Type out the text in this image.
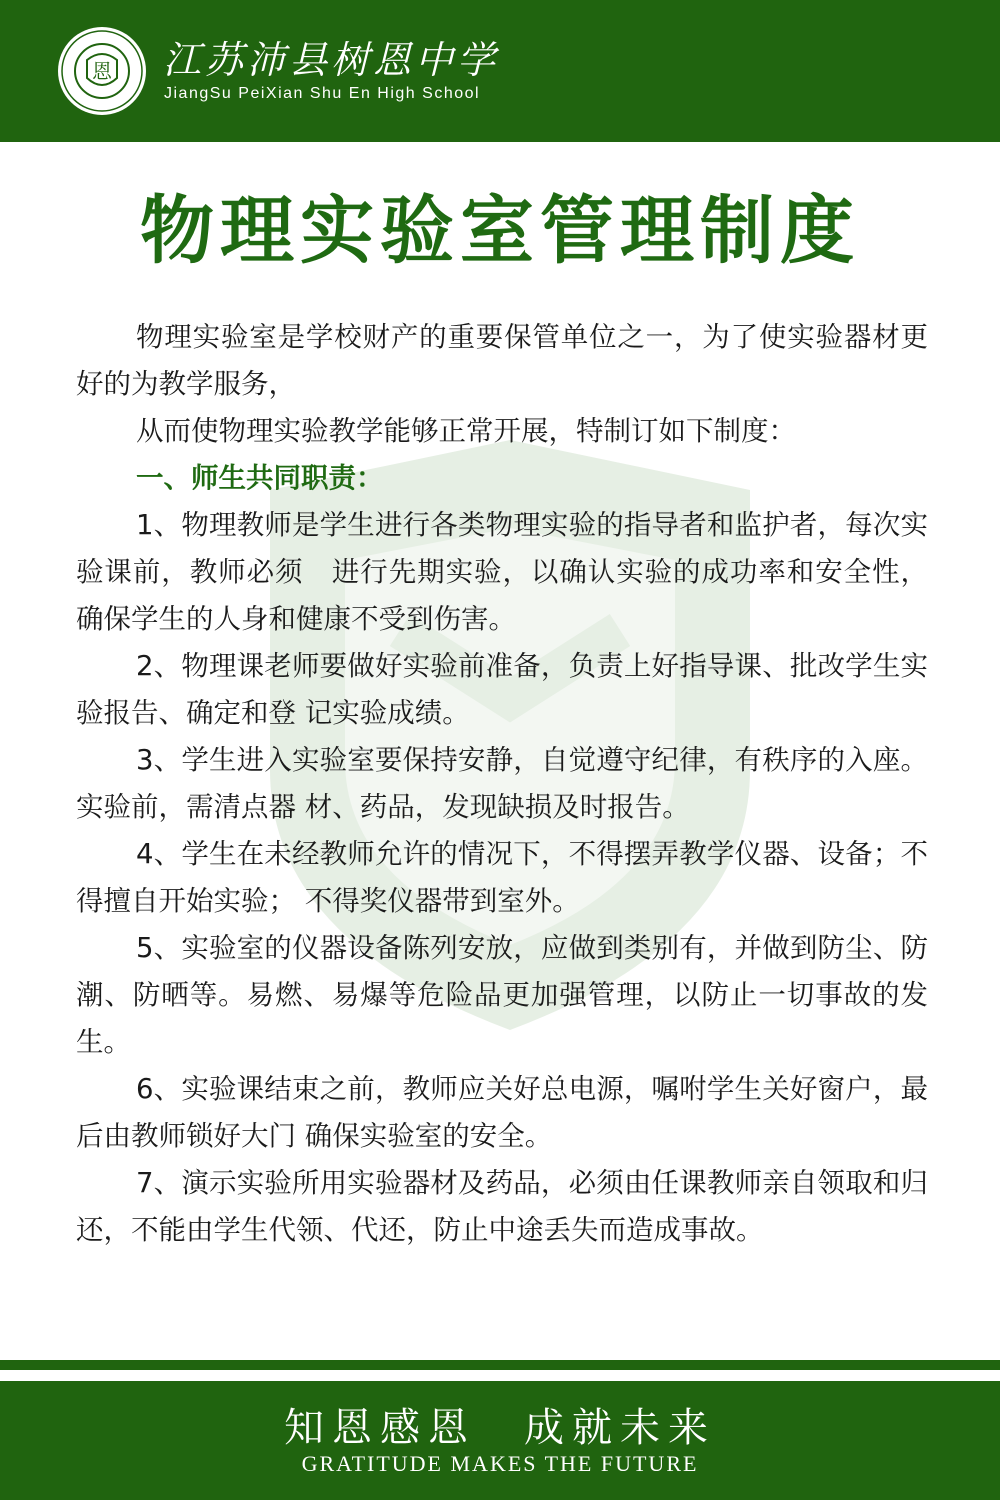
恩 江苏沛县树恩中学
JiangSu PeiXian Shu En High School
物理实验室管理制度

物理实验室是学校财产的重要保管单位之一，为了使实验器材更好的为教学服务，

从而使物理实验教学能够正常开展，特制订如下制度：

一、师生共同职责：

1、物理教师是学生进行各类物理实验的指导者和监护者，每次实验课前，教师必须　进行先期实验，以确认实验的成功率和安全性，确保学生的人身和健康不受到伤害。

2、物理课老师要做好实验前准备，负责上好指导课、批改学生实验报告、确定和登 记实验成绩。

3、学生进入实验室要保持安静，自觉遵守纪律，有秩序的入座。实验前，需清点器 材、药品，发现缺损及时报告。

4、学生在未经教师允许的情况下，不得摆弄教学仪器、设备；不得擅自开始实验； 不得奖仪器带到室外。

5、实验室的仪器设备陈列安放，应做到类别有，并做到防尘、防潮、防晒等。易燃、易爆等危险品更加强管理，以防止一切事故的发生。

6、实验课结束之前，教师应关好总电源，嘱咐学生关好窗户，最后由教师锁好大门 确保实验室的安全。

7、演示实验所用实验器材及药品，必须由任课教师亲自领取和归还，不能由学生代领、代还，防止中途丢失而造成事故。

知恩感恩　成就未来
GRATITUDE MAKES THE FUTURE
